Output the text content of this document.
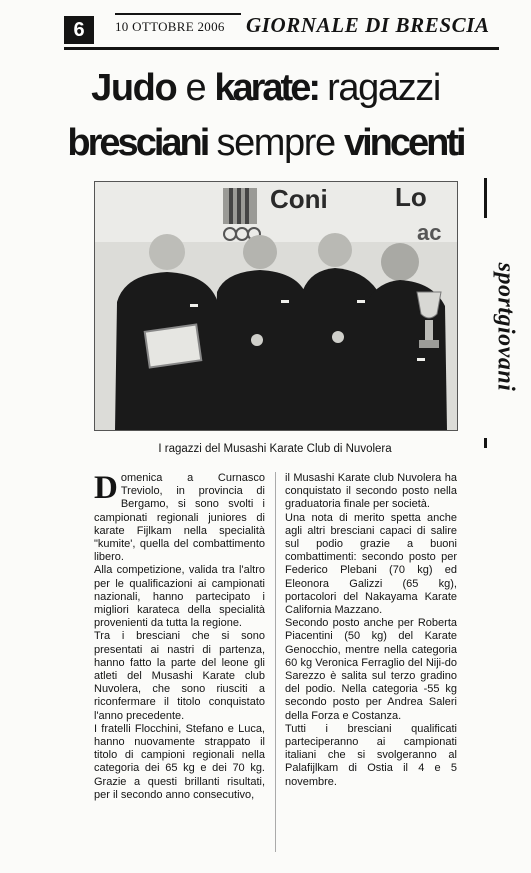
6	10 OTTOBRE 2006 GIORNALE DI BRESCIA
Judo e karate: ragazzi
bresciani sempre vincenti
Coni	Lo
ac
I ragazzi del Musashi Karate Club di Nuvolera
sportgiovani

Domenica a Curnasco Treviolo, in provincia di Bergamo, si sono svolti i campionati regionali juniores di karate Fijlkam nella specialità "kumite', quella del combattimento libero.

Alla competizione, valida tra l'altro per le qualificazioni ai campionati nazionali, hanno partecipato i migliori karateca della specialità provenienti da tutta la regione.

Tra i bresciani che si sono presentati ai nastri di partenza, hanno fatto la parte del leone gli atleti del Musashi Karate club Nuvolera, che sono riusciti a riconfermare il titolo conquistato l'anno precedente.

I fratelli Flocchini, Stefano e Luca, hanno nuovamente strappato il titolo di campioni regionali nella categoria dei 65 kg e dei 70 kg. Grazie a questi brillanti risultati, per il secondo anno consecutivo,

il Musashi Karate club Nuvolera ha conquistato il secondo posto nella graduatoria finale per società.

Una nota di merito spetta anche agli altri bresciani capaci di salire sul podio grazie a buoni combattimenti: secondo posto per Federico Plebani (70 kg) ed Eleonora Galizzi (65 kg), portacolori del Nakayama Karate California Mazzano.

Secondo posto anche per Roberta Piacentini (50 kg) del Karate Genocchio, mentre nella categoria 60 kg Veronica Ferraglio del Niji-do Sarezzo è salita sul terzo gradino del podio. Nella categoria -55 kg secondo posto per Andrea Saleri della Forza e Costanza.

Tutti i bresciani qualificati parteciperanno ai campionati italiani che si svolgeranno al Palafijlkam di Ostia il 4 e 5 novembre.
